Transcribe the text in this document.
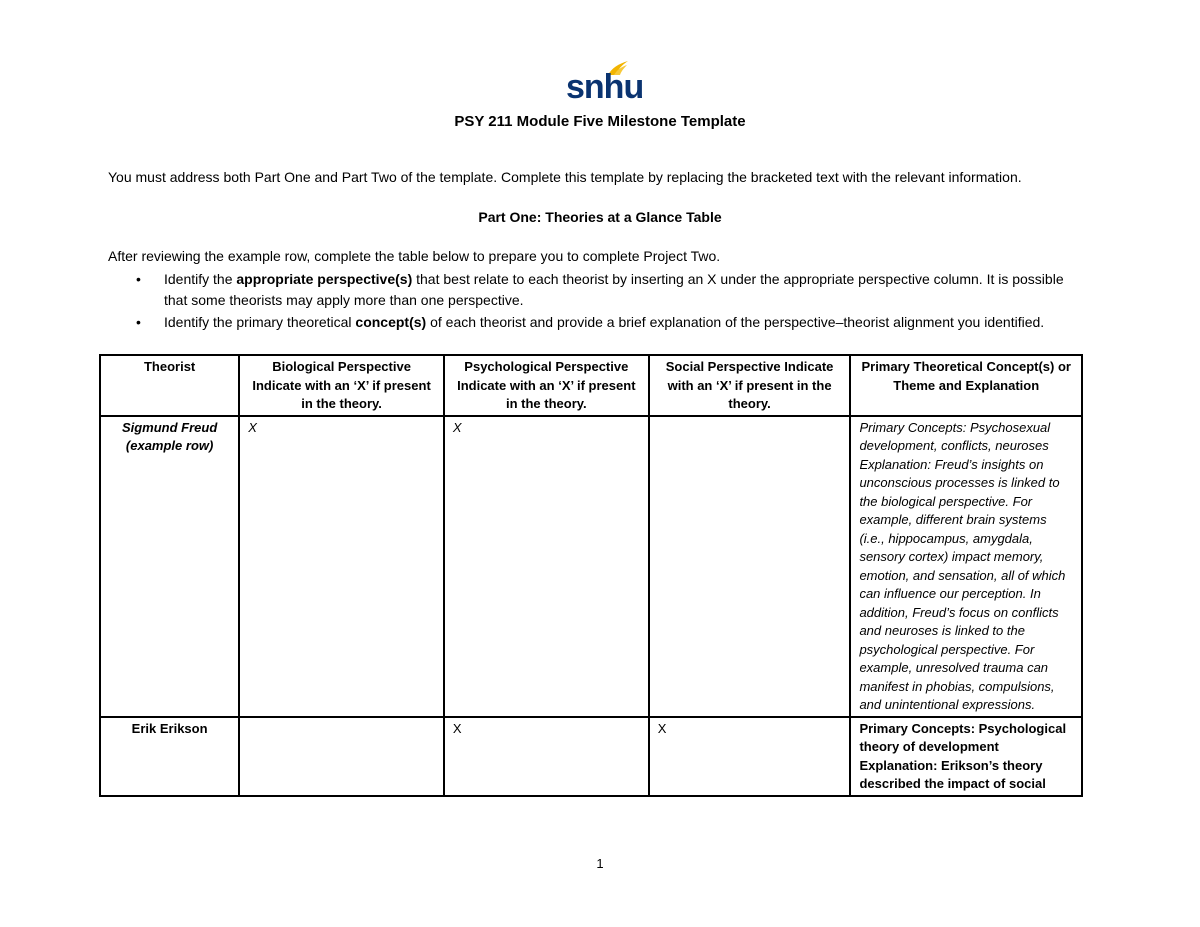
snhu
PSY 211 Module Five Milestone Template
You must address both Part One and Part Two of the template. Complete this template by replacing the bracketed text with the relevant information.
Part One: Theories at a Glance Table
After reviewing the example row, complete the table below to prepare you to complete Project Two.
• Identify the appropriate perspective(s) that best relate to each theorist by inserting an X under the appropriate perspective column. It is possible that some theorists may apply more than one perspective.
• Identify the primary theoretical concept(s) of each theorist and provide a brief explanation of the perspective–theorist alignment you identified.
Theorist	Biological Perspective Indicate with an ‘X’ if present in the theory.	Psychological Perspective Indicate with an ‘X’ if present in the theory.	Social Perspective Indicate with an ‘X’ if present in the theory.	Primary Theoretical Concept(s) or Theme and Explanation
Sigmund Freud (example row)	X	X		Primary Concepts: Psychosexual development, conflicts, neuroses Explanation: Freud’s insights on unconscious processes is linked to the biological perspective. For example, different brain systems (i.e., hippocampus, amygdala, sensory cortex) impact memory, emotion, and sensation, all of which can influence our perception. In addition, Freud’s focus on conflicts and neuroses is linked to the psychological perspective. For example, unresolved trauma can manifest in phobias, compulsions, and unintentional expressions.
Erik Erikson		X	X	Primary Concepts: Psychological theory of development
Explanation: Erikson’s theory described the impact of social
1
